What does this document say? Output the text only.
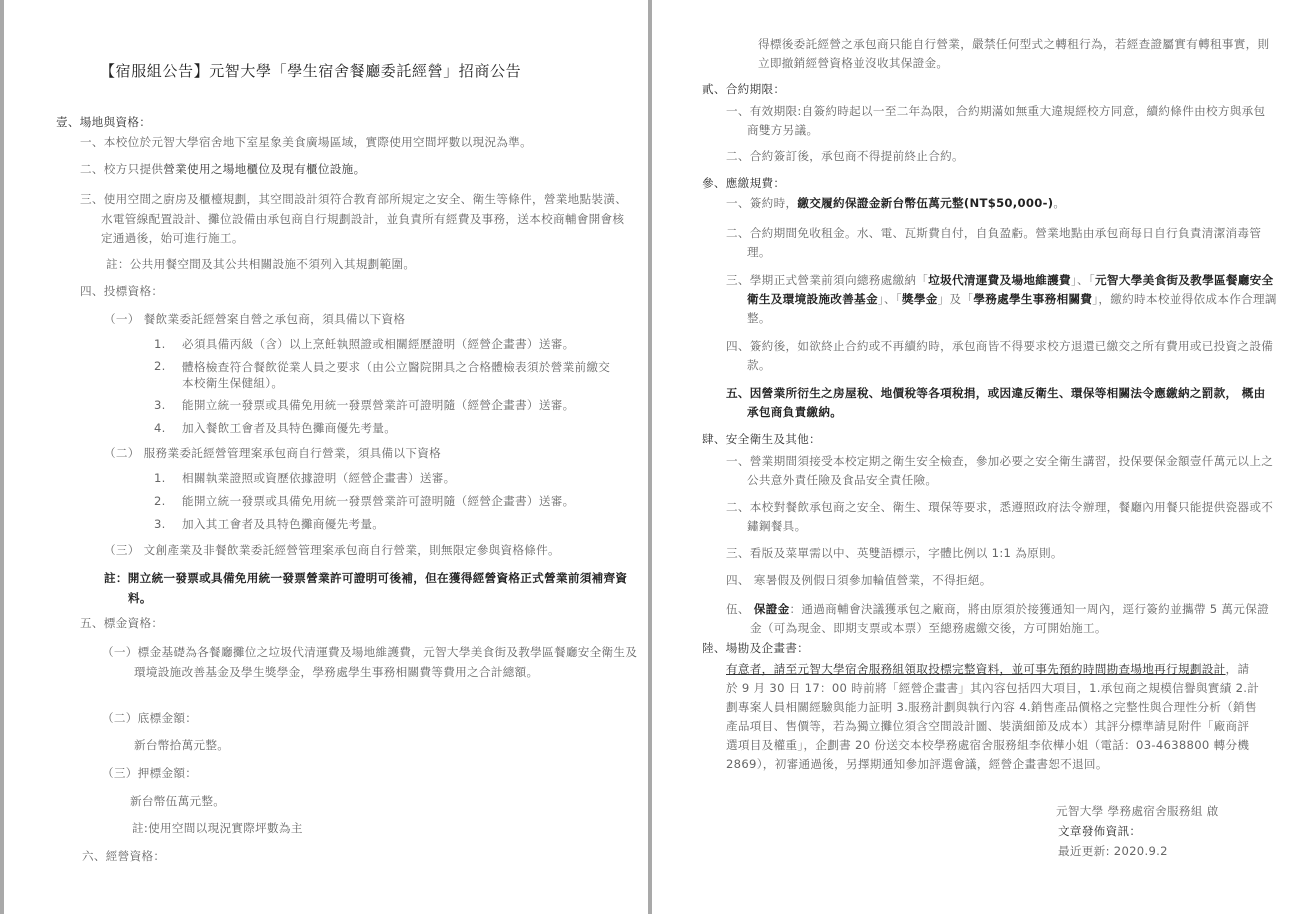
【宿服組公告】元智大學「學生宿舍餐廳委託經營」招商公告
壹、場地與資格：
一、本校位於元智大學宿舍地下室星象美食廣場區域，實際使用空間坪數以現況為準。
二、校方只提供營業使用之場地櫃位及現有櫃位設施。
三、使用空間之廚房及櫃檯規劃，其空間設計須符合教育部所規定之安全、衛生等條件，營業地點裝潢、水電管線配置設計、攤位設備由承包商自行規劃設計，並負責所有經費及事務，送本校商輔會開會核定通過後，始可進行施工。
註：公共用餐空間及其公共相關設施不須列入其規劃範圍。
四、投標資格：
（一） 餐飲業委託經營案自營之承包商，須具備以下資格
1. 必須具備丙級（含）以上烹飪執照證或相關經歷證明（經營企畫書）送審。
2. 體格檢查符合餐飲從業人員之要求（由公立醫院開具之合格體檢表須於營業前繳交本校衛生保健組）。
3. 能開立統一發票或具備免用統一發票營業許可證明隨（經營企畫書）送審。
4. 加入餐飲工會者及具特色攤商優先考量。
（二） 服務業委託經營管理案承包商自行營業，須具備以下資格
1. 相關執業證照或資歷依據證明（經營企畫書）送審。
2. 能開立統一發票或具備免用統一發票營業許可證明隨（經營企畫書）送審。
3. 加入其工會者及具特色攤商優先考量。
（三） 文創產業及非餐飲業委託經營管理案承包商自行營業，則無限定參與資格條件。
註：開立統一發票或具備免用統一發票營業許可證明可後補，但在獲得經營資格正式營業前須補齊資料。
五、標金資格：
（一）標金基礎為各餐廳攤位之垃圾代清運費及場地維護費，元智大學美食街及教學區餐廳安全衛生及環境設施改善基金及學生獎學金，學務處學生事務相關費等費用之合計總額。
（二）底標金額：
新台幣拾萬元整。
（三）押標金額：
新台幣伍萬元整。
註:使用空間以現況實際坪數為主
六、經營資格：
得標後委託經營之承包商只能自行營業，嚴禁任何型式之轉租行為，若經查證屬實有轉租事實，則立即撤銷經營資格並沒收其保證金。
貳、合約期限：
一、有效期限:自簽約時起以一至二年為限，合約期滿如無重大違規經校方同意，續約條件由校方與承包商雙方另議。
二、合約簽訂後，承包商不得提前終止合約。
參、應繳規費：
一、簽約時，繳交履約保證金新台幣伍萬元整(NT$50,000-)。
二、合約期間免收租金。水、電、瓦斯費自付，自負盈虧。營業地點由承包商每日自行負責清潔消毒管理。
三、學期正式營業前須向總務處繳納「垃圾代清運費及場地維護費」、「元智大學美食街及教學區餐廳安全衛生及環境設施改善基金」、「獎學金」及「學務處學生事務相關費」，繳約時本校並得依成本作合理調整。
四、簽約後，如欲終止合約或不再續約時，承包商皆不得要求校方退還已繳交之所有費用或已投資之設備款。
五、因營業所衍生之房屋稅、地價稅等各項稅捐，或因違反衛生、環保等相關法令應繳納之罰款， 概由承包商負責繳納。
肆、安全衛生及其他：
一、營業期間須接受本校定期之衛生安全檢查，參加必要之安全衛生講習，投保要保金額壹仟萬元以上之公共意外責任險及食品安全責任險。
二、本校對餐飲承包商之安全、衛生、環保等要求，悉遵照政府法令辦理，餐廳內用餐只能提供瓷器或不鏽鋼餐具。
三、看版及菜單需以中、英雙語標示，字體比例以 1:1 為原則。
四、 寒暑假及例假日須參加輪值營業，不得拒絕。
伍、 保證金：通過商輔會決議獲承包之廠商，將由原須於接獲通知一周內，逕行簽約並攜帶 5 萬元保證金（可為現金、即期支票或本票）至總務處繳交後，方可開始施工。
陸、場勘及企畫書：
有意者，請至元智大學宿舍服務組領取投標完整資料，並可事先預約時間勘查場地再行規劃設計，請於 9 月 30 日 17：00 時前將「經營企畫書」其內容包括四大項目，1.承包商之規模信譽與實績 2.計劃專案人員相關經驗與能力証明 3.服務計劃與執行內容 4.銷售產品價格之完整性與合理性分析（銷售產品項目、售價等，若為獨立攤位須含空間設計圖、裝潢細節及成本）其評分標準請見附件「廠商評選項目及權重」，企劃書 20 份送交本校學務處宿舍服務組李依樺小姐（電話：03-4638800 轉分機 2869），初審通過後，另擇期通知參加評選會議，經營企畫書恕不退回。
元智大學 學務處宿舍服務組 啟
文章發佈資訊：
最近更新: 2020.9.2
